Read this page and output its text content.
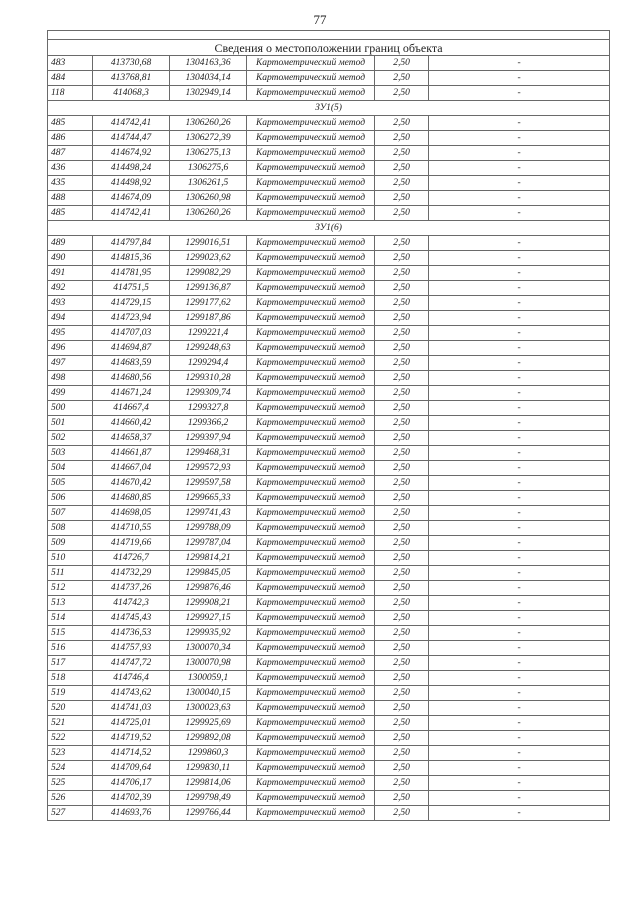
77

Сведения о местоположении границ объекта					
483	413730,68	1304163,36	Картометрический метод	2,50	-
484	413768,81	1304034,14	Картометрический метод	2,50	-
118	414068,3	1302949,14	Картометрический метод	2,50	-
ЗУ1(5)					
485	414742,41	1306260,26	Картометрический метод	2,50	-
486	414744,47	1306272,39	Картометрический метод	2,50	-
487	414674,92	1306275,13	Картометрический метод	2,50	-
436	414498,24	1306275,6	Картометрический метод	2,50	-
435	414498,92	1306261,5	Картометрический метод	2,50	-
488	414674,09	1306260,98	Картометрический метод	2,50	-
485	414742,41	1306260,26	Картометрический метод	2,50	-
ЗУ1(6)					
489	414797,84	1299016,51	Картометрический метод	2,50	-
490	414815,36	1299023,62	Картометрический метод	2,50	-
491	414781,95	1299082,29	Картометрический метод	2,50	-
492	414751,5	1299136,87	Картометрический метод	2,50	-
493	414729,15	1299177,62	Картометрический метод	2,50	-
494	414723,94	1299187,86	Картометрический метод	2,50	-
495	414707,03	1299221,4	Картометрический метод	2,50	-
496	414694,87	1299248,63	Картометрический метод	2,50	-
497	414683,59	1299294,4	Картометрический метод	2,50	-
498	414680,56	1299310,28	Картометрический метод	2,50	-
499	414671,24	1299309,74	Картометрический метод	2,50	-
500	414667,4	1299327,8	Картометрический метод	2,50	-
501	414660,42	1299366,2	Картометрический метод	2,50	-
502	414658,37	1299397,94	Картометрический метод	2,50	-
503	414661,87	1299468,31	Картометрический метод	2,50	-
504	414667,04	1299572,93	Картометрический метод	2,50	-
505	414670,42	1299597,58	Картометрический метод	2,50	-
506	414680,85	1299665,33	Картометрический метод	2,50	-
507	414698,05	1299741,43	Картометрический метод	2,50	-
508	414710,55	1299788,09	Картометрический метод	2,50	-
509	414719,66	1299787,04	Картометрический метод	2,50	-
510	414726,7	1299814,21	Картометрический метод	2,50	-
511	414732,29	1299845,05	Картометрический метод	2,50	-
512	414737,26	1299876,46	Картометрический метод	2,50	-
513	414742,3	1299908,21	Картометрический метод	2,50	-
514	414745,43	1299927,15	Картометрический метод	2,50	-
515	414736,53	1299935,92	Картометрический метод	2,50	-
516	414757,93	1300070,34	Картометрический метод	2,50	-
517	414747,72	1300070,98	Картометрический метод	2,50	-
518	414746,4	1300059,1	Картометрический метод	2,50	-
519	414743,62	1300040,15	Картометрический метод	2,50	-
520	414741,03	1300023,63	Картометрический метод	2,50	-
521	414725,01	1299925,69	Картометрический метод	2,50	-
522	414719,52	1299892,08	Картометрический метод	2,50	-
523	414714,52	1299860,3	Картометрический метод	2,50	-
524	414709,64	1299830,11	Картометрический метод	2,50	-
525	414706,17	1299814,06	Картометрический метод	2,50	-
526	414702,39	1299798,49	Картометрический метод	2,50	-
527	414693,76	1299766,44	Картометрический метод	2,50	-
